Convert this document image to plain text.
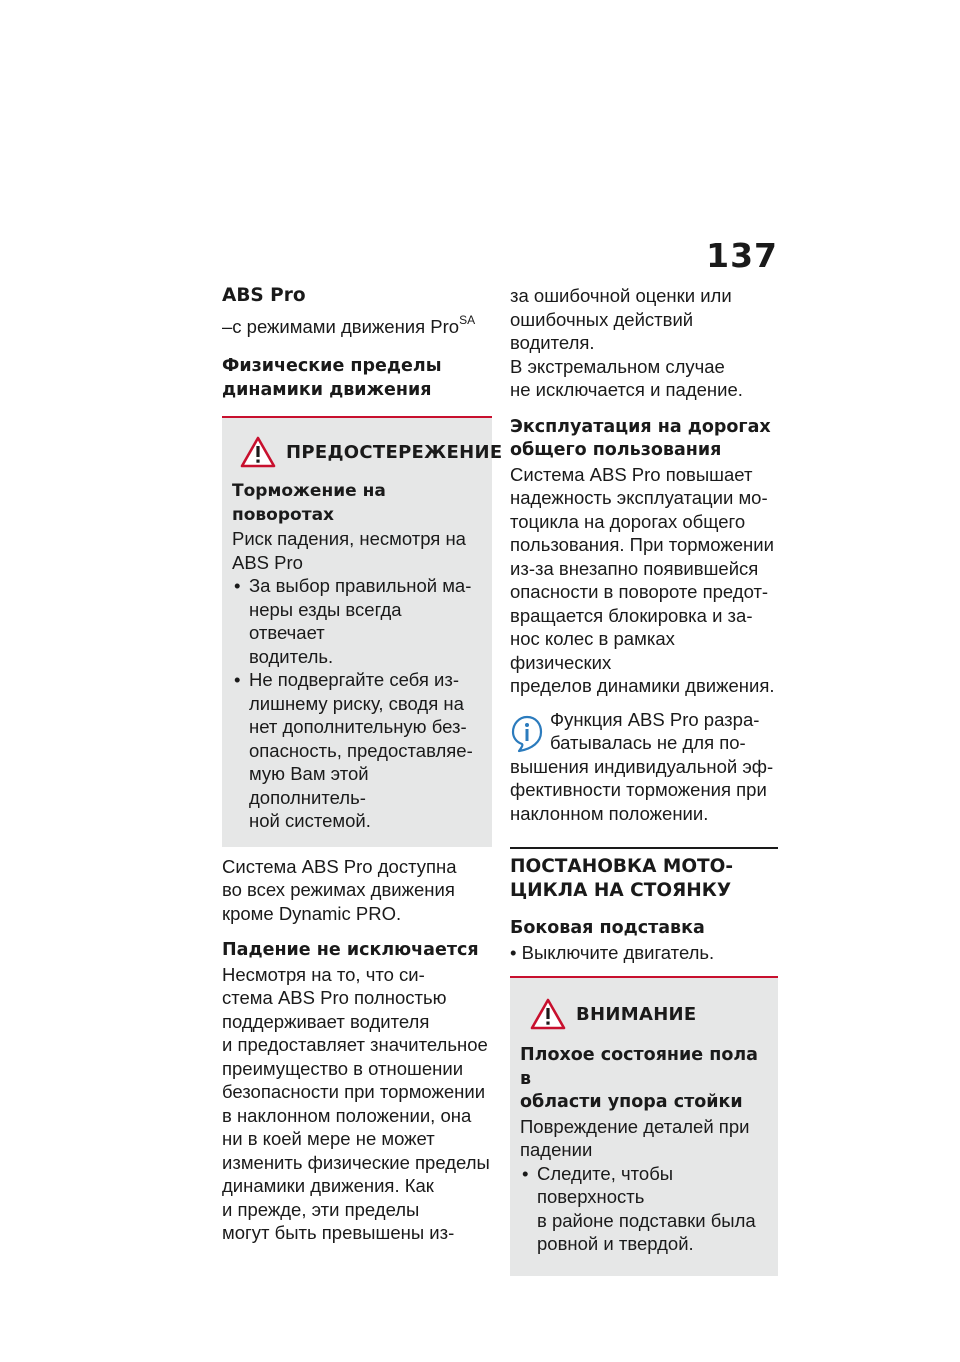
137
ABS Pro
–с режимами движения Pro$^{SA}$
Физические пределы
динамики движения
ПРЕДОСТЕРЕЖЕНИЕ
Торможение на поворотах
Риск падения, несмотря на
ABS Pro
• За выбор правильной ма-
неры езды всегда отвечает
водитель.
• Не подвергайте себя из-
лишнему риску, сводя на
нет дополнительную без-
опасность, предоставляе-
мую Вам этой дополнитель-
ной системой.
Система ABS Pro доступна
во всех режимах движения
кроме Dynamic PRO.
Падение не исключается
Несмотря на то, что си-
стема ABS Pro полностью
поддерживает водителя
и предоставляет значительное
преимущество в отношении
безопасности при торможении
в наклонном положении, она
ни в коей мере не может
изменить физические пределы
динамики движения. Как
и прежде, эти пределы
могут быть превышены из-
за ошибочной оценки или
ошибочных действий водителя.
В экстремальном случае
не исключается и падение.
Эксплуатация на дорогах
общего пользования
Система ABS Pro повышает
надежность эксплуатации мо-
тоцикла на дорогах общего
пользования. При торможении
из-за внезапно появившейся
опасности в повороте предот-
вращается блокировка и за-
нос колес в рамках физических
пределов динамики движения.
Функция ABS Pro разра-
батывалась не для по-
вышения индивидуальной эф-
фективности торможения при
наклонном положении.
ПОСТАНОВКА МОТО-
ЦИКЛА НА СТОЯНКУ
Боковая подставка
• Выключите двигатель.
ВНИМАНИЕ
Плохое состояние пола в
области упора стойки
Повреждение деталей при
падении
• Следите, чтобы поверхность
в районе подставки была
ровной и твердой.
